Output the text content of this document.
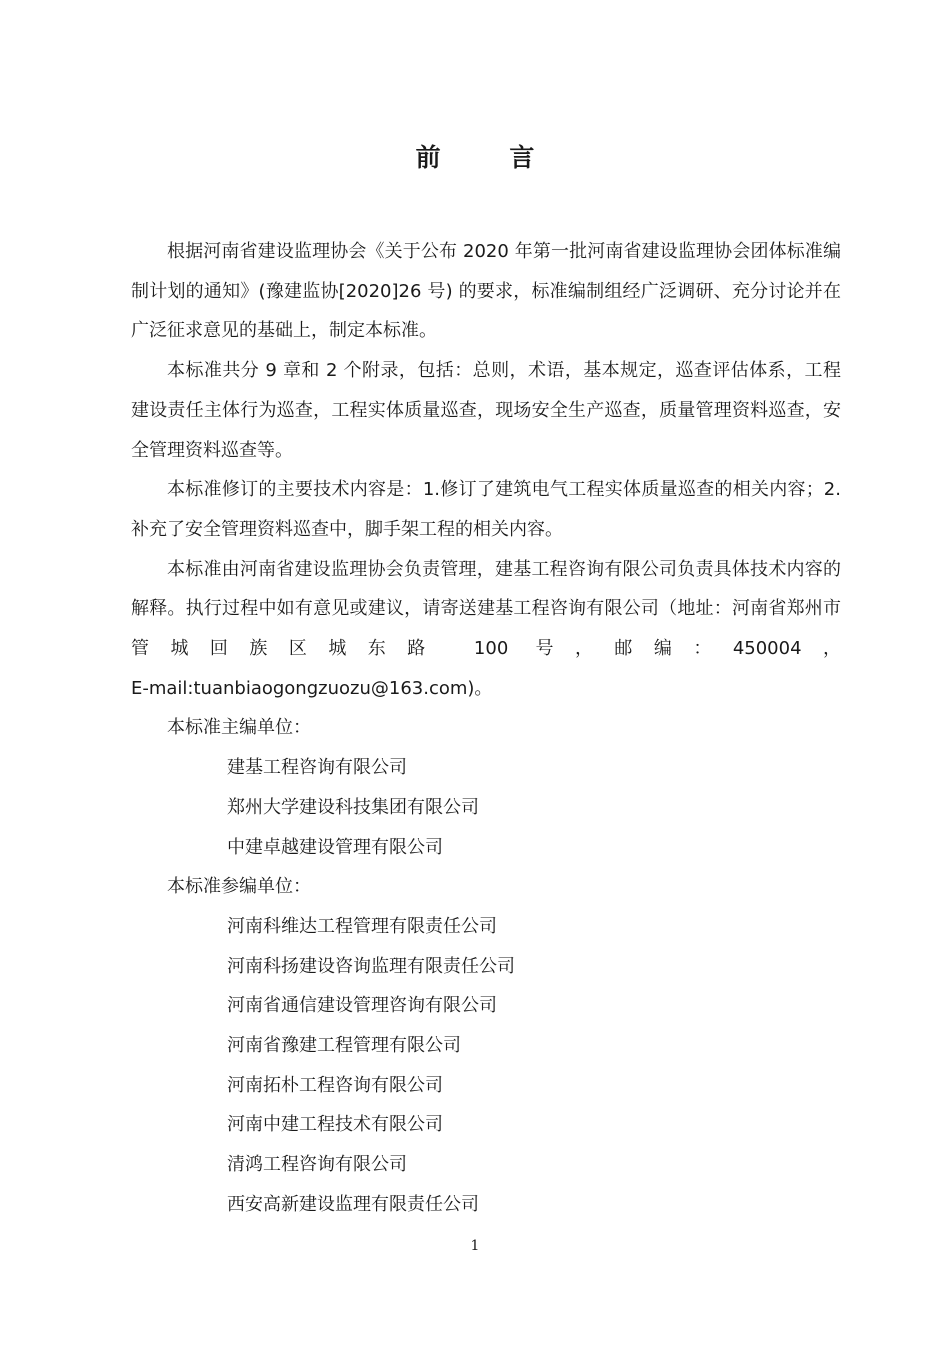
前 言

根据河南省建设监理协会《关于公布 2020 年第一批河南省建设监理协会团体标准编制计划的通知》(豫建监协[2020]26 号) 的要求，标准编制组经广泛调研、充分讨论并在广泛征求意见的基础上，制定本标准。

本标准共分 9 章和 2 个附录，包括：总则，术语，基本规定，巡查评估体系，工程建设责任主体行为巡查，工程实体质量巡查，现场安全生产巡查，质量管理资料巡查，安全管理资料巡查等。

本标准修订的主要技术内容是：1.修订了建筑电气工程实体质量巡查的相关内容；2.补充了安全管理资料巡查中，脚手架工程的相关内容。

本标准由河南省建设监理协会负责管理，建基工程咨询有限公司负责具体技术内容的解释。执行过程中如有意见或建议，请寄送建基工程咨询有限公司（地址：河南省郑州市管城回族区城东路 100 号，邮编：450004，

E-mail:tuanbiaogongzuozu@163.com)。

本标准主编单位：

建基工程咨询有限公司

郑州大学建设科技集团有限公司

中建卓越建设管理有限公司

本标准参编单位：

河南科维达工程管理有限责任公司

河南科扬建设咨询监理有限责任公司

河南省通信建设管理咨询有限公司

河南省豫建工程管理有限公司

河南拓朴工程咨询有限公司

河南中建工程技术有限公司

清鸿工程咨询有限公司

西安高新建设监理有限责任公司

1
